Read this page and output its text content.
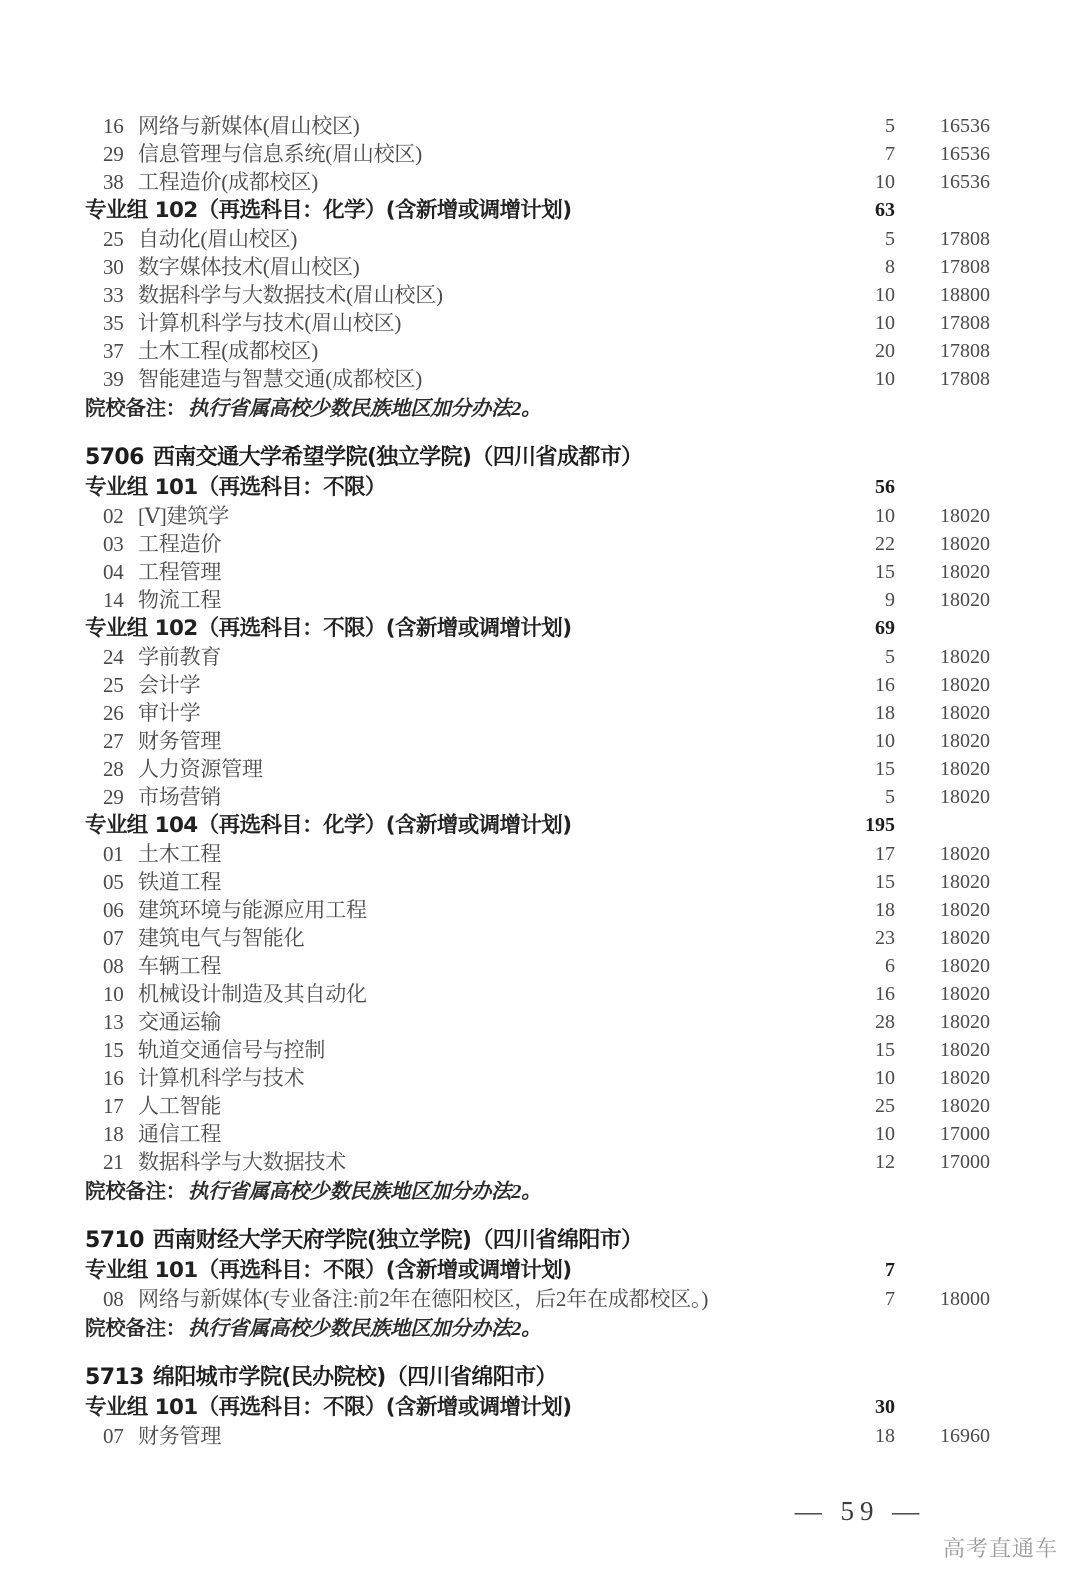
16 网络与新媒体(眉山校区)	5	16536
29 信息管理与信息系统(眉山校区)	7	16536
38 工程造价(成都校区)	10	16536
专业组 102（再选科目：化学）(含新增或调增计划)	63
25 自动化(眉山校区)	5	17808
30 数字媒体技术(眉山校区)	8	17808
33 数据科学与大数据技术(眉山校区)	10	18800
35 计算机科学与技术(眉山校区)	10	17808
37 土木工程(成都校区)	20	17808
39 智能建造与智慧交通(成都校区)	10	17808
院校备注：执行省属高校少数民族地区加分办法2。
5706 西南交通大学希望学院(独立学院)（四川省成都市）
专业组 101（再选科目：不限）	56
02 [Ⅴ]建筑学	10	18020
03 工程造价	22	18020
04 工程管理	15	18020
14 物流工程	9	18020
专业组 102（再选科目：不限）(含新增或调增计划)	69
24 学前教育	5	18020
25 会计学	16	18020
26 审计学	18	18020
27 财务管理	10	18020
28 人力资源管理	15	18020
29 市场营销	5	18020
专业组 104（再选科目：化学）(含新增或调增计划)	195
01 土木工程	17	18020
05 铁道工程	15	18020
06 建筑环境与能源应用工程	18	18020
07 建筑电气与智能化	23	18020
08 车辆工程	6	18020
10 机械设计制造及其自动化	16	18020
13 交通运输	28	18020
15 轨道交通信号与控制	15	18020
16 计算机科学与技术	10	18020
17 人工智能	25	18020
18 通信工程	10	17000
21 数据科学与大数据技术	12	17000
院校备注：执行省属高校少数民族地区加分办法2。
5710 西南财经大学天府学院(独立学院)（四川省绵阳市）
专业组 101（再选科目：不限）(含新增或调增计划)	7
08 网络与新媒体(专业备注:前2年在德阳校区，后2年在成都校区。)	7	18000
院校备注：执行省属高校少数民族地区加分办法2。
5713 绵阳城市学院(民办院校)（四川省绵阳市）
专业组 101（再选科目：不限）(含新增或调增计划)	30
07 财务管理	18	16960
— 59 —
高考直通车
